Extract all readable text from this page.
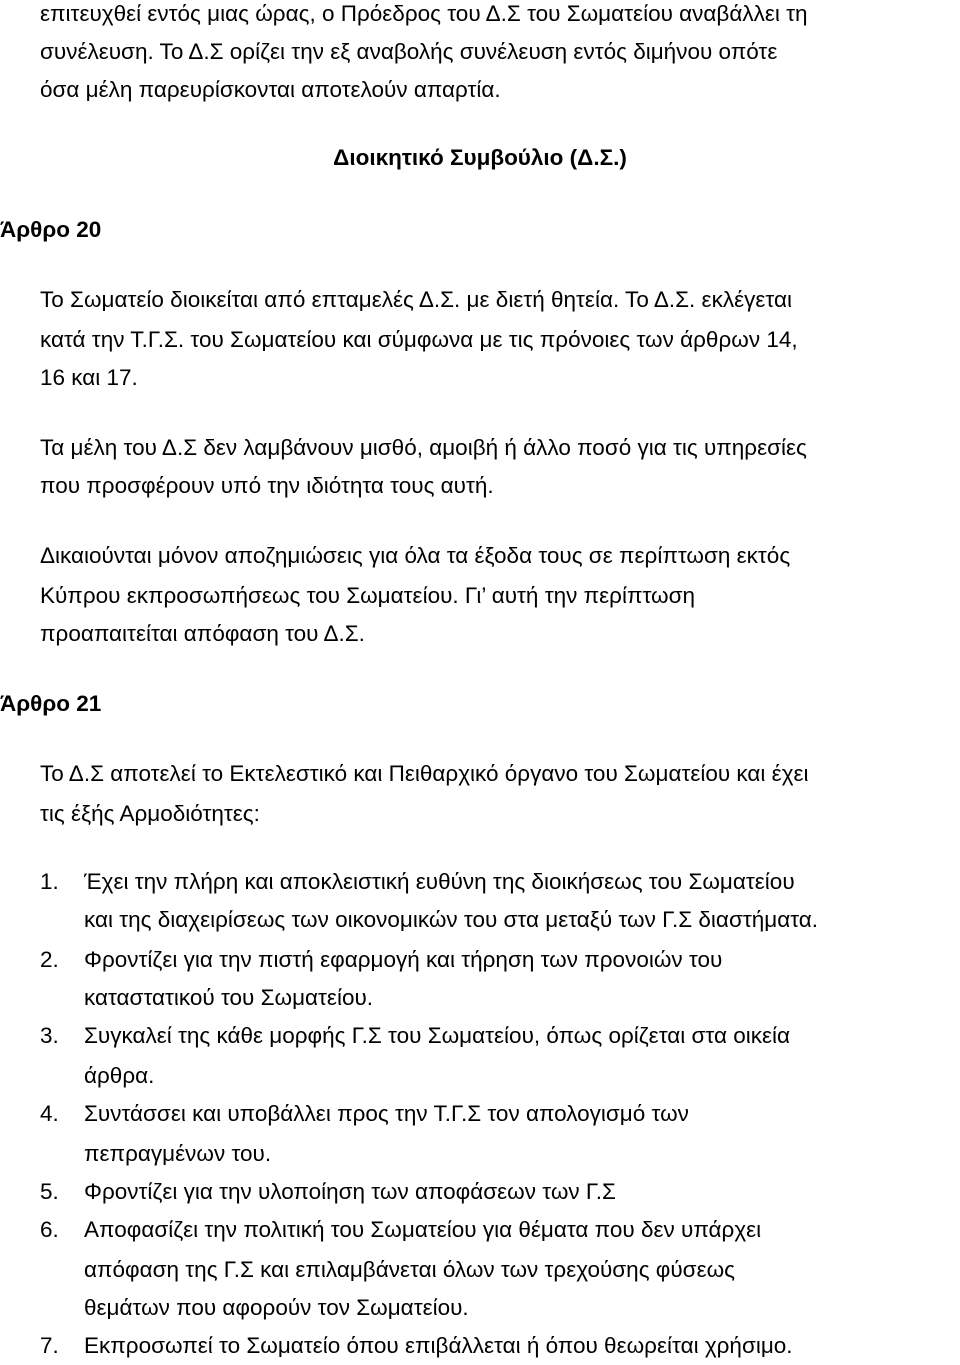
επιτευχθεί εντός μιας ώρας, ο Πρόεδρος του Δ.Σ του Σωματείου αναβάλλει τη
συνέλευση. Το Δ.Σ ορίζει την εξ αναβολής συνέλευση εντός διμήνου οπότε
όσα μέλη παρευρίσκονται αποτελούν απαρτία.
Διοικητικό Συμβούλιο (Δ.Σ.)
Άρθρο 20
Το Σωματείο διοικείται από επταμελές Δ.Σ. με διετή θητεία. Το Δ.Σ. εκλέγεται
κατά την Τ.Γ.Σ. του Σωματείου και σύμφωνα με τις πρόνοιες των άρθρων 14,
16 και 17.
Τα μέλη του Δ.Σ δεν λαμβάνουν μισθό, αμοιβή ή άλλο ποσό για τις υπηρεσίες
που προσφέρουν υπό την ιδιότητα τους αυτή.
Δικαιούνται μόνον αποζημιώσεις για όλα τα έξοδα τους σε περίπτωση εκτός
Κύπρου εκπροσωπήσεως του Σωματείου. Γι’ αυτή την περίπτωση
προαπαιτείται απόφαση του Δ.Σ.
Άρθρο 21
Το Δ.Σ αποτελεί το Εκτελεστικό και Πειθαρχικό όργανο του Σωματείου και έχει
τις έξής Αρμοδιότητες:
1. Έχει την πλήρη και αποκλειστική ευθύνη της διοικήσεως του Σωματείου
και της διαχειρίσεως των οικονομικών του στα μεταξύ των Γ.Σ διαστήματα.
2. Φροντίζει για την πιστή εφαρμογή και τήρηση των προνοιών του
καταστατικού του Σωματείου.
3. Συγκαλεί της κάθε μορφής Γ.Σ του Σωματείου, όπως ορίζεται στα οικεία
άρθρα.
4. Συντάσσει και υποβάλλει προς την Τ.Γ.Σ τον απολογισμό των
πεπραγμένων του.
5. Φροντίζει για την υλοποίηση των αποφάσεων των Γ.Σ
6. Αποφασίζει την πολιτική του Σωματείου για θέματα που δεν υπάρχει
απόφαση της Γ.Σ και επιλαμβάνεται όλων των τρεχούσης φύσεως
θεμάτων που αφορούν τον Σωματείου.
7. Εκπροσωπεί το Σωματείο όπου επιβάλλεται ή όπου θεωρείται χρήσιμο.
